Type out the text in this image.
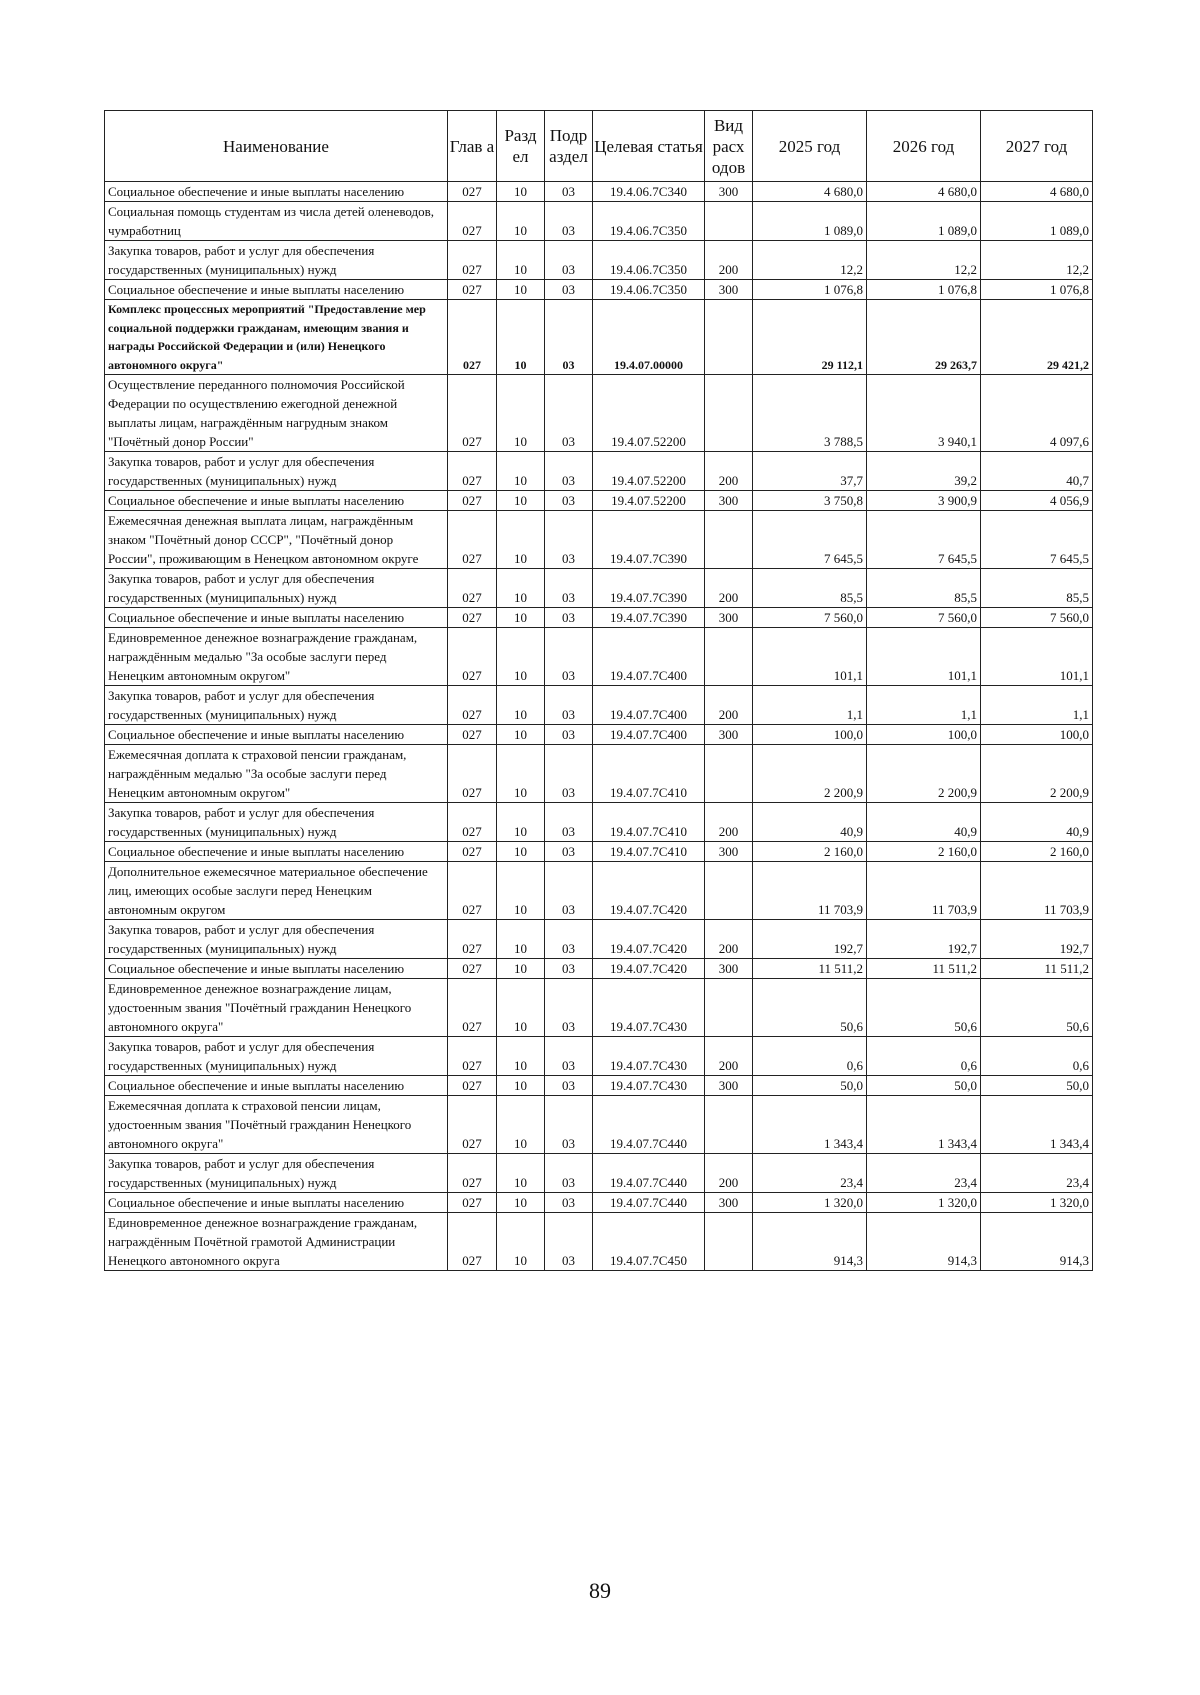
Наименование	Глав а	Разд ел	Подр аздел	Целевая статья	Вид расх одов	2025 год	2026 год	2027 год
Социальное обеспечение и иные выплаты населению	027	10	03	19.4.06.7С340	300	4 680,0	4 680,0	4 680,0
Социальная помощь студентам из числа детей оленеводов, чумработниц	027	10	03	19.4.06.7С350		1 089,0	1 089,0	1 089,0
Закупка товаров, работ и услуг для обеспечения государственных (муниципальных) нужд	027	10	03	19.4.06.7С350	200	12,2	12,2	12,2
Социальное обеспечение и иные выплаты населению	027	10	03	19.4.06.7С350	300	1 076,8	1 076,8	1 076,8
Комплекс процессных мероприятий "Предоставление мер социальной поддержки гражданам, имеющим звания и награды Российской Федерации и (или) Ненецкого автономного округа"	027	10	03	19.4.07.00000		29 112,1	29 263,7	29 421,2
Осуществление переданного полномочия Российской Федерации по осуществлению ежегодной денежной выплаты лицам, награждённым нагрудным знаком "Почётный донор России"	027	10	03	19.4.07.52200		3 788,5	3 940,1	4 097,6
Закупка товаров, работ и услуг для обеспечения государственных (муниципальных) нужд	027	10	03	19.4.07.52200	200	37,7	39,2	40,7
Социальное обеспечение и иные выплаты населению	027	10	03	19.4.07.52200	300	3 750,8	3 900,9	4 056,9
Ежемесячная денежная выплата лицам, награждённым знаком "Почётный донор СССР", "Почётный донор России", проживающим в Ненецком автономном округе	027	10	03	19.4.07.7С390		7 645,5	7 645,5	7 645,5
Закупка товаров, работ и услуг для обеспечения государственных (муниципальных) нужд	027	10	03	19.4.07.7С390	200	85,5	85,5	85,5
Социальное обеспечение и иные выплаты населению	027	10	03	19.4.07.7С390	300	7 560,0	7 560,0	7 560,0
Единовременное денежное вознаграждение гражданам, награждённым медалью "За особые заслуги перед Ненецким автономным округом"	027	10	03	19.4.07.7С400		101,1	101,1	101,1
Закупка товаров, работ и услуг для обеспечения государственных (муниципальных) нужд	027	10	03	19.4.07.7С400	200	1,1	1,1	1,1
Социальное обеспечение и иные выплаты населению	027	10	03	19.4.07.7С400	300	100,0	100,0	100,0
Ежемесячная доплата к страховой пенсии гражданам, награждённым медалью "За особые заслуги перед Ненецким автономным округом"	027	10	03	19.4.07.7С410		2 200,9	2 200,9	2 200,9
Закупка товаров, работ и услуг для обеспечения государственных (муниципальных) нужд	027	10	03	19.4.07.7С410	200	40,9	40,9	40,9
Социальное обеспечение и иные выплаты населению	027	10	03	19.4.07.7С410	300	2 160,0	2 160,0	2 160,0
Дополнительное ежемесячное материальное обеспечение лиц, имеющих особые заслуги перед Ненецким автономным округом	027	10	03	19.4.07.7С420		11 703,9	11 703,9	11 703,9
Закупка товаров, работ и услуг для обеспечения государственных (муниципальных) нужд	027	10	03	19.4.07.7С420	200	192,7	192,7	192,7
Социальное обеспечение и иные выплаты населению	027	10	03	19.4.07.7С420	300	11 511,2	11 511,2	11 511,2
Единовременное денежное вознаграждение лицам, удостоенным звания "Почётный гражданин Ненецкого автономного округа"	027	10	03	19.4.07.7С430		50,6	50,6	50,6
Закупка товаров, работ и услуг для обеспечения государственных (муниципальных) нужд	027	10	03	19.4.07.7С430	200	0,6	0,6	0,6
Социальное обеспечение и иные выплаты населению	027	10	03	19.4.07.7С430	300	50,0	50,0	50,0
Ежемесячная доплата к страховой пенсии лицам, удостоенным звания "Почётный гражданин Ненецкого автономного округа"	027	10	03	19.4.07.7С440		1 343,4	1 343,4	1 343,4
Закупка товаров, работ и услуг для обеспечения государственных (муниципальных) нужд	027	10	03	19.4.07.7С440	200	23,4	23,4	23,4
Социальное обеспечение и иные выплаты населению	027	10	03	19.4.07.7С440	300	1 320,0	1 320,0	1 320,0
Единовременное денежное вознаграждение гражданам, награждённым Почётной грамотой Администрации Ненецкого автономного округа	027	10	03	19.4.07.7С450		914,3	914,3	914,3
89
